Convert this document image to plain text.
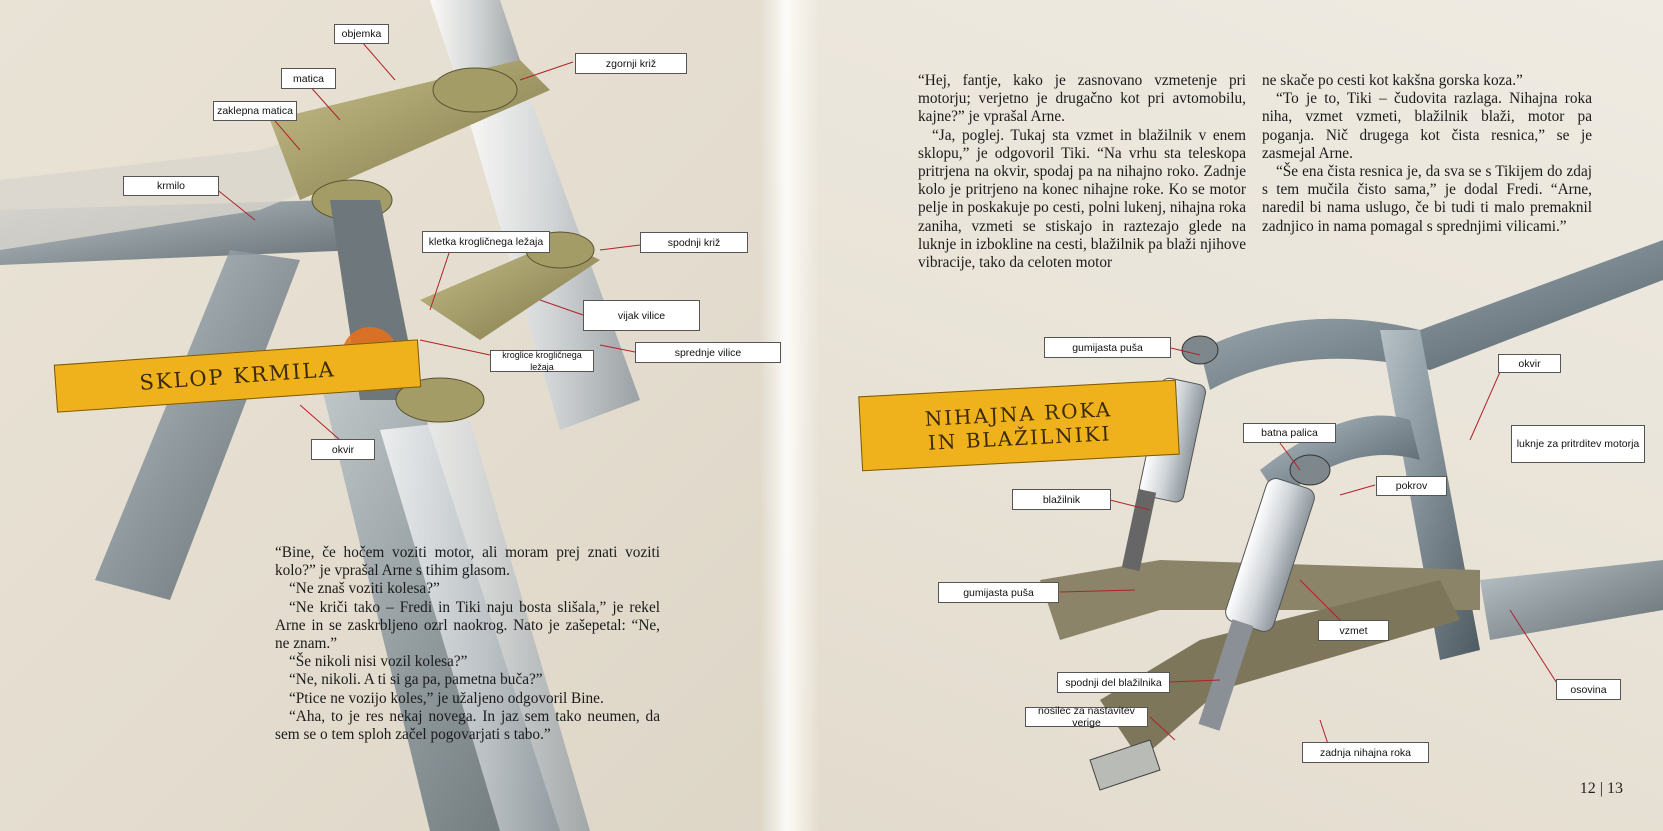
objemka
zgornji križ
matica
zaklepna matica
krmilo
kletka krogličnega ležaja	spodnji križ
vijak vilice
kroglice krogličnega ležaja
sprednje vilice
okvir
SKLOP KRMILA

“Bine, če hočem voziti motor, ali moram prej znati voziti kolo?” je vprašal Arne s tihim glasom.

“Ne znaš voziti kolesa?”

“Ne kriči tako – Fredi in Tiki naju bosta slišala,” je rekel Arne in se zaskrbljeno ozrl naokrog. Nato je zašepetal: “Ne, ne znam.”

“Še nikoli nisi vozil kolesa?”

“Ne, nikoli. A ti si ga pa, pametna buča?”

“Ptice ne vozijo koles,” je užaljeno odgovoril Bine.

“Aha, to je res nekaj novega. In jaz sem tako neumen, da sem se o tem sploh začel pogovarjati s tabo.”

“Hej, fantje, kako je zasnovano vzmetenje pri motorju; verjetno je drugačno kot pri avtomobilu, kajne?” je vprašal Arne.

“Ja, poglej. Tukaj sta vzmet in blažilnik v enem sklopu,” je odgovoril Tiki. “Na vrhu sta teleskopa pritrjena na okvir, spodaj pa na nihajno roko. Zadnje kolo je pritrjeno na konec nihajne roke. Ko se motor pelje in poskakuje po cesti, polni lukenj, nihajna roka zaniha, vzmeti se stiskajo in raztezajo glede na luknje in izbokline na cesti, blažilnik pa blaži njihove vibracije, tako da celoten motor

ne skače po cesti kot kakšna gorska koza.”

“To je to, Tiki – čudovita razlaga. Nihajna roka niha, vzmet vzmeti, blažilnik blaži, motor pa poganja. Nič drugega kot čista resnica,” se je zasmejal Arne.

“Še ena čista resnica je, da sva se s Tikijem do zdaj s tem mučila čisto sama,” je dodal Fredi. “Arne, naredil bi nama uslugo, če bi tudi ti malo premaknil zadnjico in nama pomagal s sprednjimi vilicami.”

NIHAJNA ROKA
IN BLAŽILNIKI
gumijasta puša
okvir
batna palica
luknje za pritrditev motorja
pokrov
blažilnik
gumijasta puša
vzmet
spodnji del blažilnika
osovina
nosilec za nastavitev verige
zadnja nihajna roka
12 | 13
